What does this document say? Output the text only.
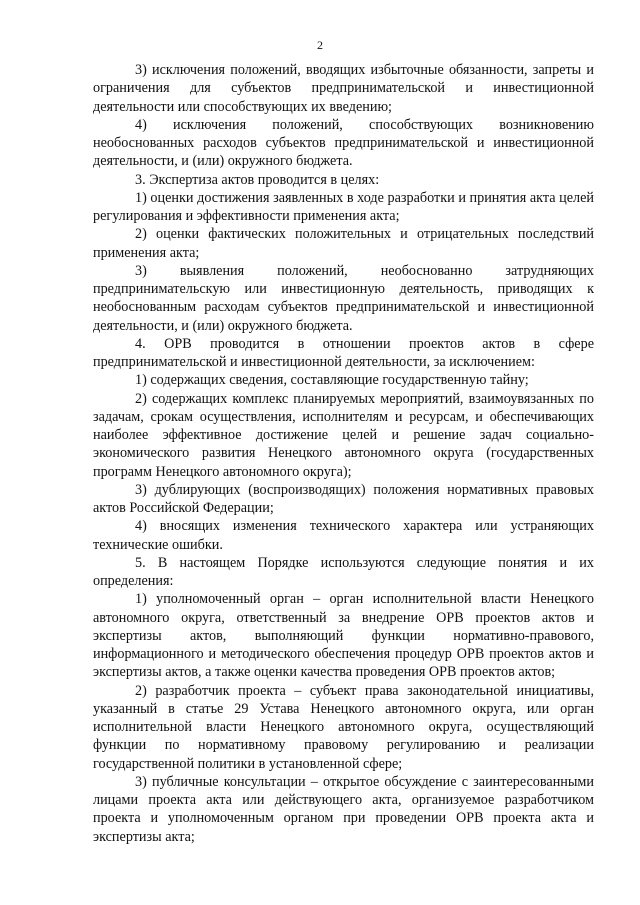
2

3) исключения положений, вводящих избыточные обязанности, запреты и ограничения для субъектов предпринимательской и инвестиционной деятельности или способствующих их введению;

4) исключения положений, способствующих возникновению необоснованных расходов субъектов предпринимательской и инвестиционной деятельности, и (или) окружного бюджета.

3. Экспертиза актов проводится в целях:

1) оценки достижения заявленных в ходе разработки и принятия акта целей регулирования и эффективности применения акта;

2) оценки фактических положительных и отрицательных последствий применения акта;

3) выявления положений, необоснованно затрудняющих предпринимательскую или инвестиционную деятельность, приводящих к необоснованным расходам субъектов предпринимательской и инвестиционной деятельности, и (или) окружного бюджета.

4. ОРВ проводится в отношении проектов актов в сфере предпринимательской и инвестиционной деятельности, за исключением:

1) содержащих сведения, составляющие государственную тайну;

2) содержащих комплекс планируемых мероприятий, взаимоувязанных по задачам, срокам осуществления, исполнителям и ресурсам, и обеспечивающих наиболее эффективное достижение целей и решение задач социально-экономического развития Ненецкого автономного округа (государственных программ Ненецкого автономного округа);

3) дублирующих (воспроизводящих) положения нормативных правовых актов Российской Федерации;

4) вносящих изменения технического характера или устраняющих технические ошибки.

5. В настоящем Порядке используются следующие понятия и их определения:

1) уполномоченный орган – орган исполнительной власти Ненецкого автономного округа, ответственный за внедрение ОРВ проектов актов и экспертизы актов, выполняющий функции нормативно-правового, информационного и методического обеспечения процедур ОРВ проектов актов и экспертизы актов, а также оценки качества проведения ОРВ проектов актов;

2) разработчик проекта – субъект права законодательной инициативы, указанный в статье 29 Устава Ненецкого автономного округа, или орган исполнительной власти Ненецкого автономного округа, осуществляющий функции по нормативному правовому регулированию и реализации государственной политики в установленной сфере;

3) публичные консультации – открытое обсуждение с заинтересованными лицами проекта акта или действующего акта, организуемое разработчиком проекта и уполномоченным органом при проведении ОРВ проекта акта и экспертизы акта;
